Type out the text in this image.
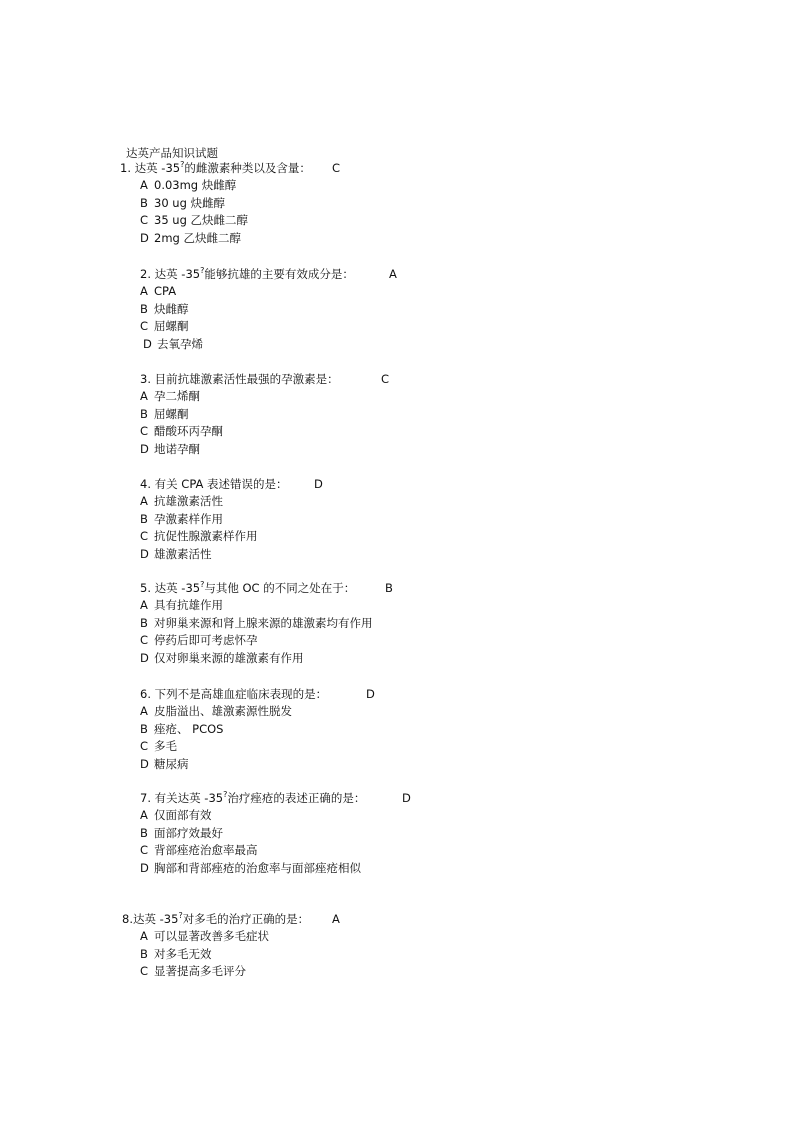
达英产品知识试题
1. 达英 -35?的雌激素种类以及含量： C
A 0.03mg 炔雌醇
B 30 ug 炔雌醇
C 35 ug 乙炔雌二醇
D 2mg 乙炔雌二醇
2. 达英 -35?能够抗雄的主要有效成分是：	A
A CPA
B 炔雌醇
C 屈螺酮
D 去氧孕烯
3. 目前抗雄激素活性最强的孕激素是：	C
A 孕二烯酮
B 屈螺酮
C 醋酸环丙孕酮
D 地诺孕酮
4. 有关 CPA 表述错误的是： D
A 抗雄激素活性
B 孕激素样作用
C 抗促性腺激素样作用
D 雄激素活性
5. 达英 -35?与其他 OC 的不同之处在于：	B
A 具有抗雄作用
B 对卵巢来源和肾上腺来源的雄激素均有作用
C 停药后即可考虑怀孕
D 仅对卵巢来源的雄激素有作用
6. 下列不是高雄血症临床表现的是：	D
A 皮脂溢出、雄激素源性脱发
B 痤疮、 PCOS
C 多毛
D 糖尿病
7. 有关达英 -35?治疗痤疮的表述正确的是：	D
A 仅面部有效
B 面部疗效最好
C 背部痤疮治愈率最高
D 胸部和背部痤疮的治愈率与面部痤疮相似
8.达英 -35?对多毛的治疗正确的是： A
A 可以显著改善多毛症状
B 对多毛无效
C 显著提高多毛评分
